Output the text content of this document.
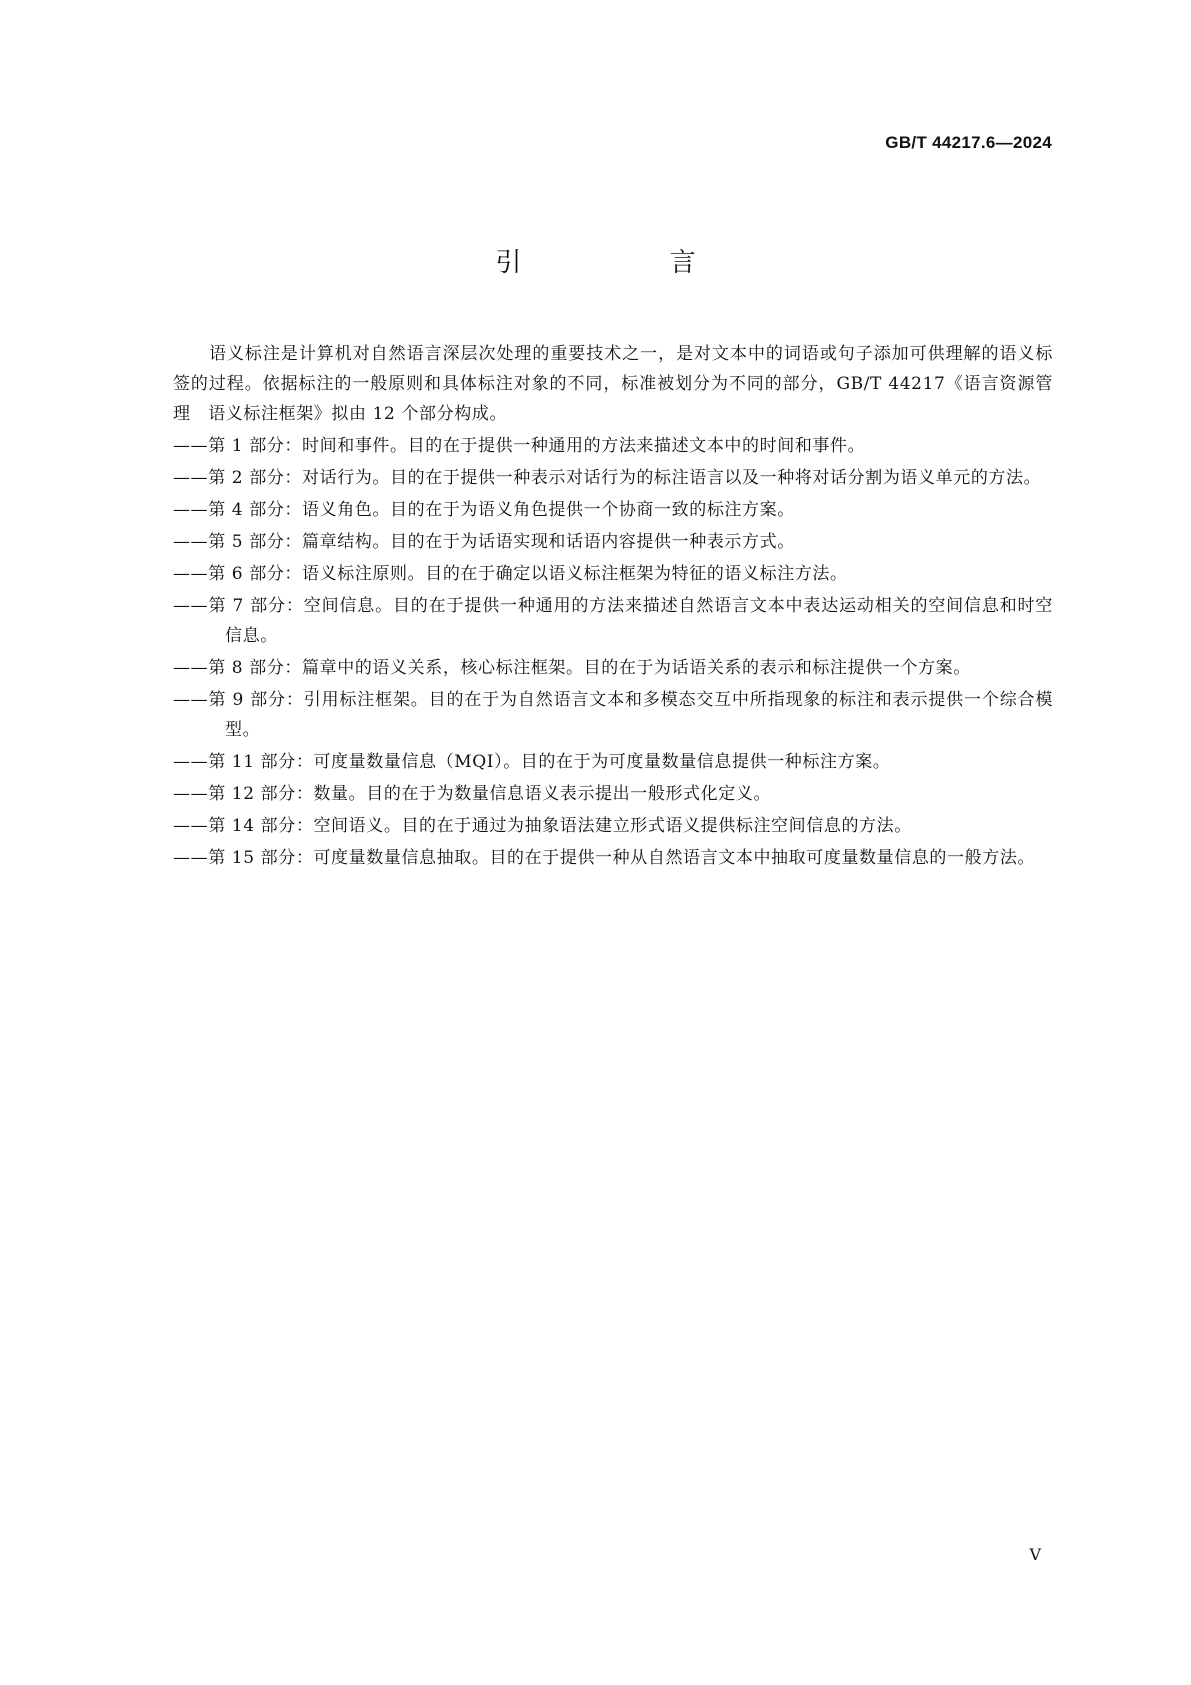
GB/T 44217.6—2024
引 言

语义标注是计算机对自然语言深层次处理的重要技术之一，是对文本中的词语或句子添加可供理解的语义标签的过程。依据标注的一般原则和具体标注对象的不同，标准被划分为不同的部分，GB/T 44217《语言资源管理　语义标注框架》拟由 12 个部分构成。

——第 1 部分：时间和事件。目的在于提供一种通用的方法来描述文本中的时间和事件。

——第 2 部分：对话行为。目的在于提供一种表示对话行为的标注语言以及一种将对话分割为语义单元的方法。

——第 4 部分：语义角色。目的在于为语义角色提供一个协商一致的标注方案。

——第 5 部分：篇章结构。目的在于为话语实现和话语内容提供一种表示方式。

——第 6 部分：语义标注原则。目的在于确定以语义标注框架为特征的语义标注方法。

——第 7 部分：空间信息。目的在于提供一种通用的方法来描述自然语言文本中表达运动相关的空间信息和时空信息。

——第 8 部分：篇章中的语义关系，核心标注框架。目的在于为话语关系的表示和标注提供一个方案。

——第 9 部分：引用标注框架。目的在于为自然语言文本和多模态交互中所指现象的标注和表示提供一个综合模型。

——第 11 部分：可度量数量信息（MQI）。目的在于为可度量数量信息提供一种标注方案。

——第 12 部分：数量。目的在于为数量信息语义表示提出一般形式化定义。

——第 14 部分：空间语义。目的在于通过为抽象语法建立形式语义提供标注空间信息的方法。

——第 15 部分：可度量数量信息抽取。目的在于提供一种从自然语言文本中抽取可度量数量信息的一般方法。

V
